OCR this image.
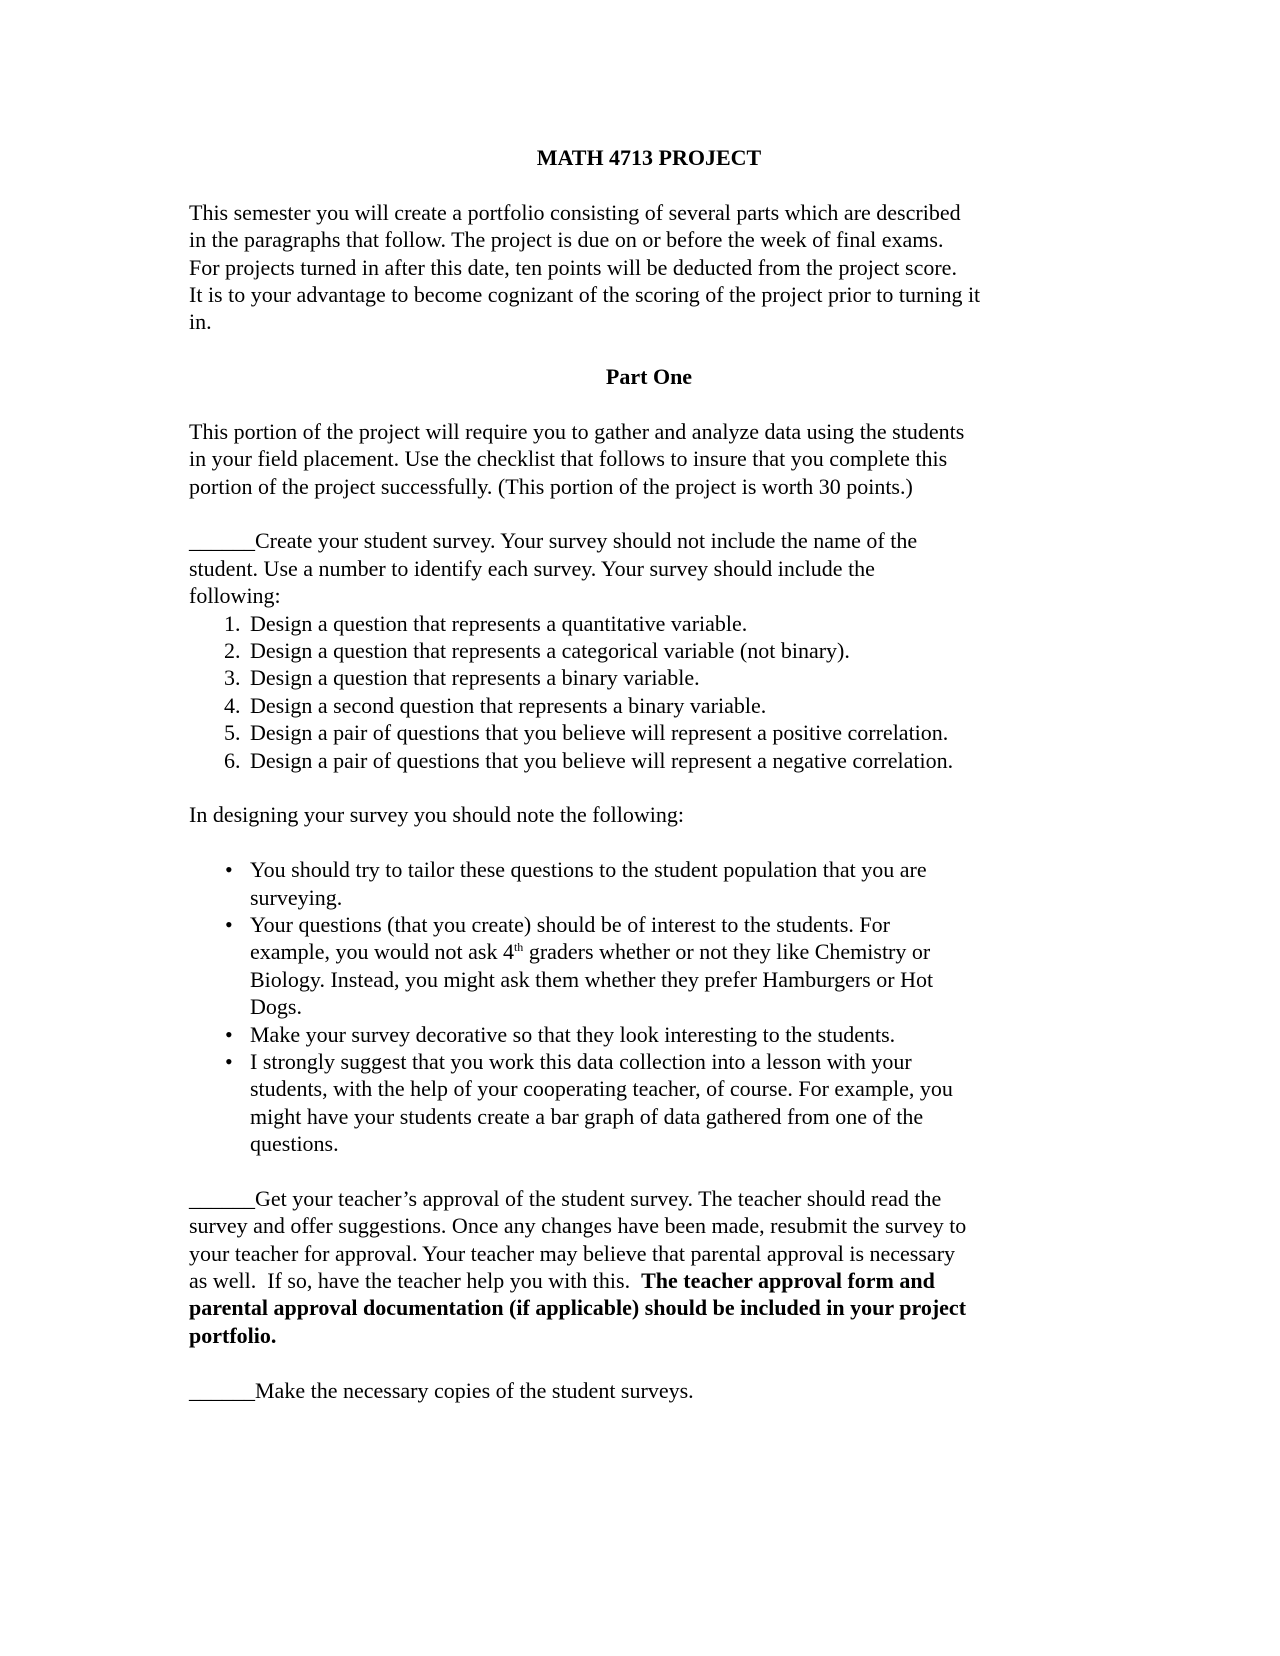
MATH 4713 PROJECT
This semester you will create a portfolio consisting of several parts which are described
in the paragraphs that follow. The project is due on or before the week of final exams.
For projects turned in after this date, ten points will be deducted from the project score.
It is to your advantage to become cognizant of the scoring of the project prior to turning it
in.
Part One
This portion of the project will require you to gather and analyze data using the students
in your field placement. Use the checklist that follows to insure that you complete this
portion of the project successfully. (This portion of the project is worth 30 points.)
______Create your student survey. Your survey should not include the name of the
student. Use a number to identify each survey. Your survey should include the
following:
1. Design a question that represents a quantitative variable.
2. Design a question that represents a categorical variable (not binary).
3. Design a question that represents a binary variable.
4. Design a second question that represents a binary variable.
5. Design a pair of questions that you believe will represent a positive correlation.
6. Design a pair of questions that you believe will represent a negative correlation.
In designing your survey you should note the following:
• You should try to tailor these questions to the student population that you are
surveying.
• Your questions (that you create) should be of interest to the students. For
example, you would not ask 4th graders whether or not they like Chemistry or
Biology. Instead, you might ask them whether they prefer Hamburgers or Hot
Dogs.
• Make your survey decorative so that they look interesting to the students.
• I strongly suggest that you work this data collection into a lesson with your
students, with the help of your cooperating teacher, of course. For example, you
might have your students create a bar graph of data gathered from one of the
questions.
______Get your teacher’s approval of the student survey. The teacher should read the
survey and offer suggestions. Once any changes have been made, resubmit the survey to
your teacher for approval. Your teacher may believe that parental approval is necessary
as well.  If so, have the teacher help you with this.  The teacher approval form and
parental approval documentation (if applicable) should be included in your project
portfolio.
______Make the necessary copies of the student surveys.
